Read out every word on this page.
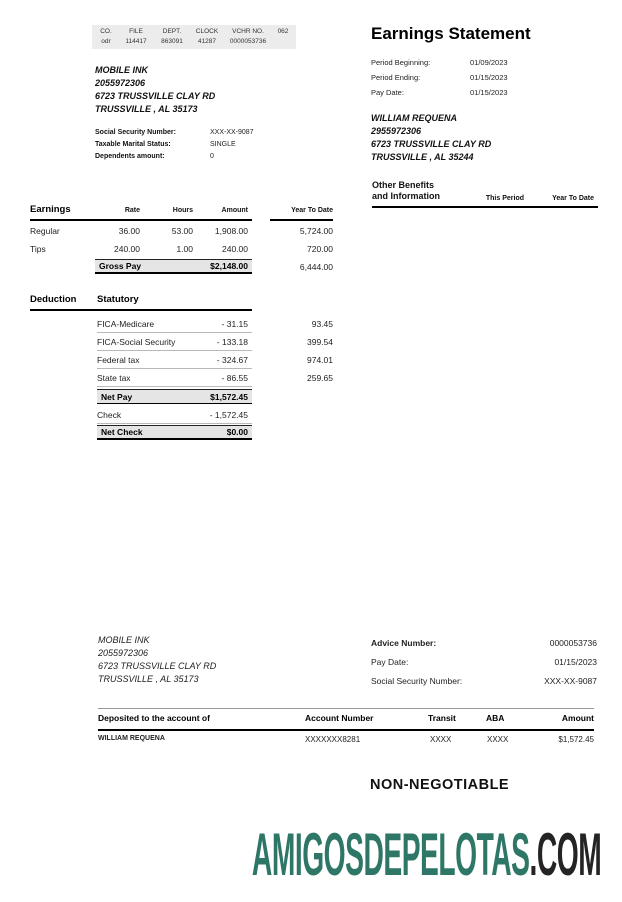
CO.	FILE	DEPT.	CLOCK	VCHR NO.	062
odr	114417	863091	41287	0000053736
MOBILE INK
2055972306
6723 TRUSSVILLE CLAY RD
TRUSSVILLE , AL 35173
Social Security Number:	XXX-XX-9087
Taxable Marital Status:	SINGLE
Dependents amount:	0
Earnings Statement
Period Beginning:	01/09/2023
Period Ending:	01/15/2023
Pay Date:	01/15/2023
WILLIAM REQUENA
2955972306
6723 TRUSSVILLE CLAY RD
TRUSSVILLE , AL 35244
Other Benefits
and Information	This Period	Year To Date
Earnings	Rate	Hours	Amount	Year To Date
Regular	36.00	53.00	1,908.00	5,724.00
Tips	240.00	1.00	240.00	720.00
Gross Pay	$2,148.00	6,444.00
Deduction Statutory
FICA-Medicare	- 31.15	93.45
FICA-Social Security	- 133.18	399.54
Federal tax	- 324.67	974.01
State tax	- 86.55	259.65
Net Pay	$1,572.45
Check	- 1,572.45
Net Check	$0.00
MOBILE INK
2055972306
6723 TRUSSVILLE CLAY RD
TRUSSVILLE , AL 35173
Advice Number:	0000053736
Pay Date:	01/15/2023
Social Security Number:	XXX-XX-9087
Deposited to the account of	Account Number	Transit	ABA	Amount
WILLIAM REQUENA	XXXXXXX8281	XXXX	XXXX	$1,572.45
NON-NEGOTIABLE
AMIGOSDEPELOTAS.COM
